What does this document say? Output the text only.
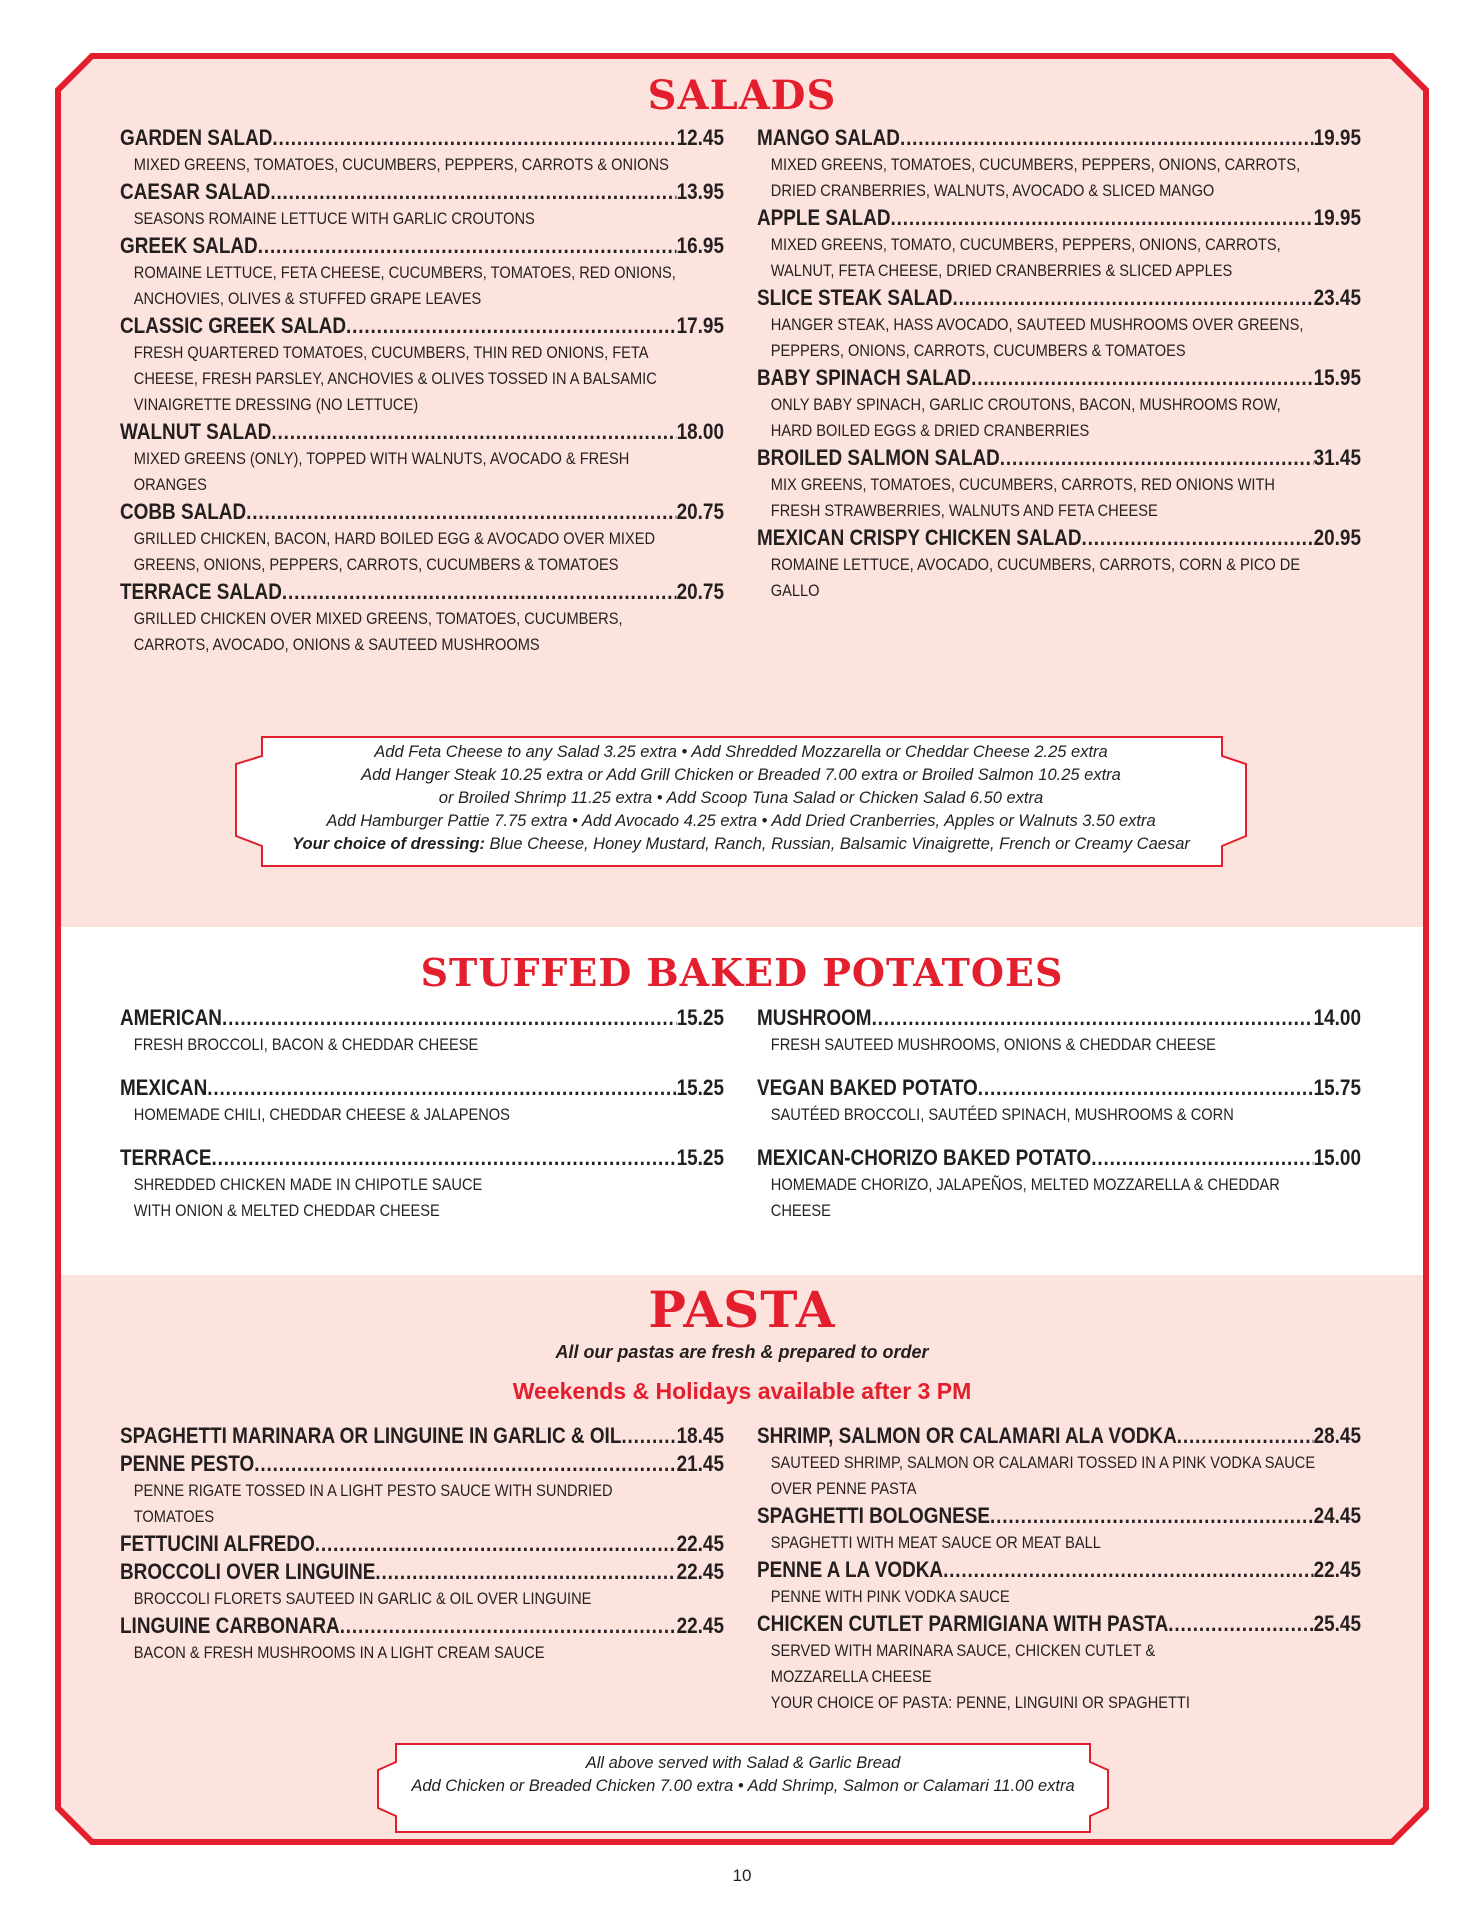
SALADS
GARDEN SALAD .....	12.45
MIXED GREENS, TOMATOES, CUCUMBERS, PEPPERS, CARROTS & ONIONS
CAESAR SALAD .....	13.95
SEASONS ROMAINE LETTUCE WITH GARLIC CROUTONS
GREEK SALAD .....	16.95
ROMAINE LETTUCE, FETA CHEESE, CUCUMBERS, TOMATOES, RED ONIONS,
ANCHOVIES, OLIVES & STUFFED GRAPE LEAVES
CLASSIC GREEK SALAD .....	17.95
FRESH QUARTERED TOMATOES, CUCUMBERS, THIN RED ONIONS, FETA
CHEESE, FRESH PARSLEY, ANCHOVIES & OLIVES TOSSED IN A BALSAMIC
VINAIGRETTE DRESSING (NO LETTUCE)
WALNUT SALAD .....	18.00
MIXED GREENS (ONLY), TOPPED WITH WALNUTS, AVOCADO & FRESH
ORANGES
COBB SALAD .....	20.75
GRILLED CHICKEN, BACON, HARD BOILED EGG & AVOCADO OVER MIXED
GREENS, ONIONS, PEPPERS, CARROTS, CUCUMBERS & TOMATOES
TERRACE SALAD .....	20.75
GRILLED CHICKEN OVER MIXED GREENS, TOMATOES, CUCUMBERS,
CARROTS, AVOCADO, ONIONS & SAUTEED MUSHROOMS
MANGO SALAD .....	19.95
MIXED GREENS, TOMATOES, CUCUMBERS, PEPPERS, ONIONS, CARROTS,
DRIED CRANBERRIES, WALNUTS, AVOCADO & SLICED MANGO
APPLE SALAD .....	19.95
MIXED GREENS, TOMATO, CUCUMBERS, PEPPERS, ONIONS, CARROTS,
WALNUT, FETA CHEESE, DRIED CRANBERRIES & SLICED APPLES
SLICE STEAK SALAD .....	23.45
HANGER STEAK, HASS AVOCADO, SAUTEED MUSHROOMS OVER GREENS,
PEPPERS, ONIONS, CARROTS, CUCUMBERS & TOMATOES
BABY SPINACH SALAD .....	15.95
ONLY BABY SPINACH, GARLIC CROUTONS, BACON, MUSHROOMS ROW,
HARD BOILED EGGS & DRIED CRANBERRIES
BROILED SALMON SALAD .....	31.45
MIX GREENS, TOMATOES, CUCUMBERS, CARROTS, RED ONIONS WITH
FRESH STRAWBERRIES, WALNUTS AND FETA CHEESE
MEXICAN CRISPY CHICKEN SALAD .....	20.95
ROMAINE LETTUCE, AVOCADO, CUCUMBERS, CARROTS, CORN & PICO DE
GALLO
Add Feta Cheese to any Salad 3.25 extra • Add Shredded Mozzarella or Cheddar Cheese 2.25 extra
Add Hanger Steak 10.25 extra or Add Grill Chicken or Breaded 7.00 extra or Broiled Salmon 10.25 extra
or Broiled Shrimp 11.25 extra • Add Scoop Tuna Salad or Chicken Salad 6.50 extra
Add Hamburger Pattie 7.75 extra • Add Avocado 4.25 extra • Add Dried Cranberries, Apples or Walnuts 3.50 extra
Your choice of dressing: Blue Cheese, Honey Mustard, Ranch, Russian, Balsamic Vinaigrette, French or Creamy Caesar
STUFFED BAKED POTATOES
AMERICAN .....	15.25
FRESH BROCCOLI, BACON & CHEDDAR CHEESE
MEXICAN .....	15.25
HOMEMADE CHILI, CHEDDAR CHEESE & JALAPENOS
TERRACE .....	15.25
SHREDDED CHICKEN MADE IN CHIPOTLE SAUCE
WITH ONION & MELTED CHEDDAR CHEESE
MUSHROOM .....	14.00
FRESH SAUTEED MUSHROOMS, ONIONS & CHEDDAR CHEESE
VEGAN BAKED POTATO .....	15.75
SAUTÉED BROCCOLI, SAUTÉED SPINACH, MUSHROOMS & CORN
MEXICAN-CHORIZO BAKED POTATO .....	15.00
HOMEMADE CHORIZO, JALAPEÑOS, MELTED MOZZARELLA & CHEDDAR
CHEESE
PASTA

All our pastas are fresh & prepared to order

Weekends & Holidays available after 3 PM

SPAGHETTI MARINARA OR LINGUINE IN GARLIC & OIL .....	18.45
PENNE PESTO .....	21.45
PENNE RIGATE TOSSED IN A LIGHT PESTO SAUCE WITH SUNDRIED
TOMATOES
FETTUCINI ALFREDO .....	22.45
BROCCOLI OVER LINGUINE .....	22.45
BROCCOLI FLORETS SAUTEED IN GARLIC & OIL OVER LINGUINE
LINGUINE CARBONARA .....	22.45
BACON & FRESH MUSHROOMS IN A LIGHT CREAM SAUCE
SHRIMP, SALMON OR CALAMARI ALA VODKA .....	28.45
SAUTEED SHRIMP, SALMON OR CALAMARI TOSSED IN A PINK VODKA SAUCE
OVER PENNE PASTA
SPAGHETTI BOLOGNESE .....	24.45
SPAGHETTI WITH MEAT SAUCE OR MEAT BALL
PENNE A LA VODKA .....	22.45
PENNE WITH PINK VODKA SAUCE
CHICKEN CUTLET PARMIGIANA WITH PASTA .....	25.45
SERVED WITH MARINARA SAUCE, CHICKEN CUTLET &
MOZZARELLA CHEESE
YOUR CHOICE OF PASTA: PENNE, LINGUINI OR SPAGHETTI
All above served with Salad & Garlic Bread
Add Chicken or Breaded Chicken 7.00 extra • Add Shrimp, Salmon or Calamari 11.00 extra
10
